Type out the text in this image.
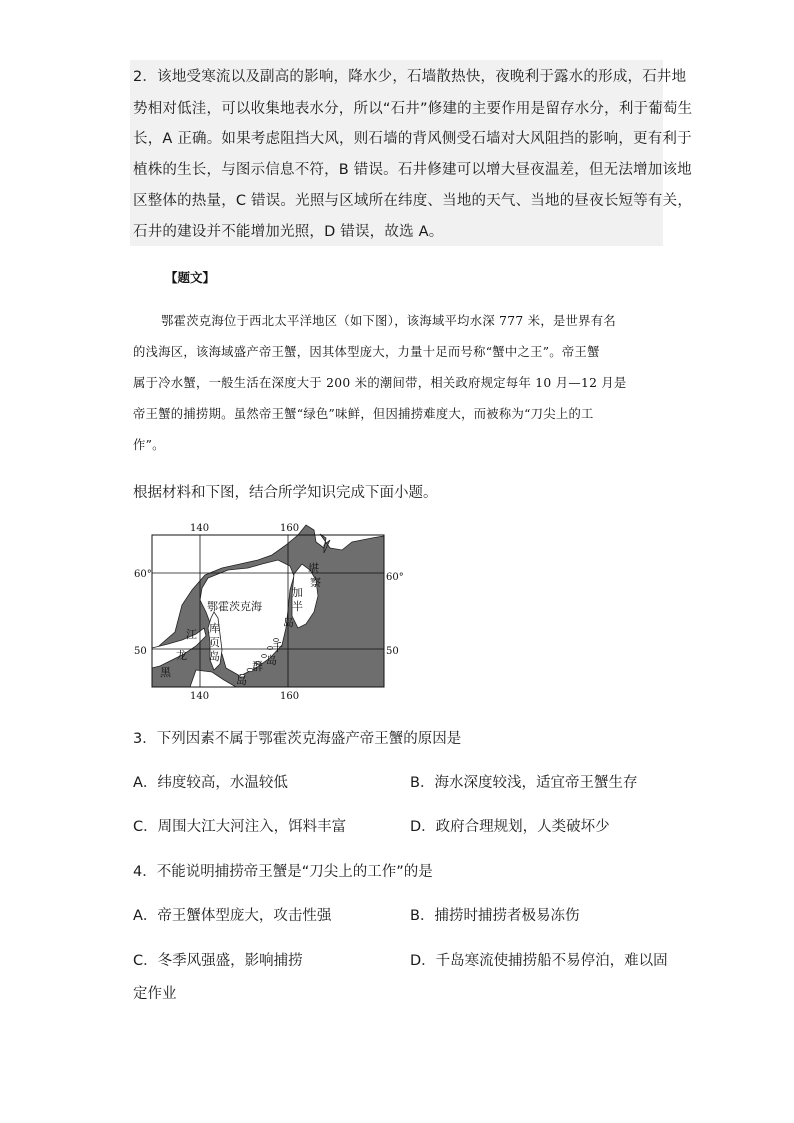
2．该地受寒流以及副高的影响，降水少，石墙散热快，夜晚利于露水的形成，石井地
势相对低洼，可以收集地表水分，所以“石井”修建的主要作用是留存水分，利于葡萄生
长，A 正确。如果考虑阻挡大风，则石墙的背风侧受石墙对大风阻挡的影响，更有利于
植株的生长，与图示信息不符，B 错误。石井修建可以增大昼夜温差，但无法增加该地
区整体的热量，C 错误。光照与区域所在纬度、当地的天气、当地的昼夜长短等有关，
石井的建设并不能增加光照，D 错误，故选 A。
【题文】
鄂霍茨克海位于西北太平洋地区（如下图），该海域平均水深 777 米，是世界有名
的浅海区，该海域盛产帝王蟹，因其体型庞大，力量十足而号称“蟹中之王”。帝王蟹
属于冷水蟹，一般生活在深度大于 200 米的潮间带，相关政府规定每年 10 月—12 月是
帝王蟹的捕捞期。虽然帝王蟹“绿色”味鲜，但因捕捞难度大，而被称为“刀尖上的工
作”。
根据材料和下图，结合所学知识完成下面小题。
140	160
140	160
60°
50
60°
50
鄂霍茨克海
堪
察
加
半
岛
库
页
岛
江
龙
黑
千
岛
群
岛
3．下列因素不属于鄂霍茨克海盛产帝王蟹的原因是
A．纬度较高，水温较低	B．海水深度较浅，适宜帝王蟹生存
C．周围大江大河注入，饵料丰富	D．政府合理规划，人类破坏少
4．不能说明捕捞帝王蟹是“刀尖上的工作”的是
A．帝王蟹体型庞大，攻击性强	B．捕捞时捕捞者极易冻伤
C．冬季风强盛，影响捕捞	D．千岛寒流使捕捞船不易停泊，难以固
定作业
